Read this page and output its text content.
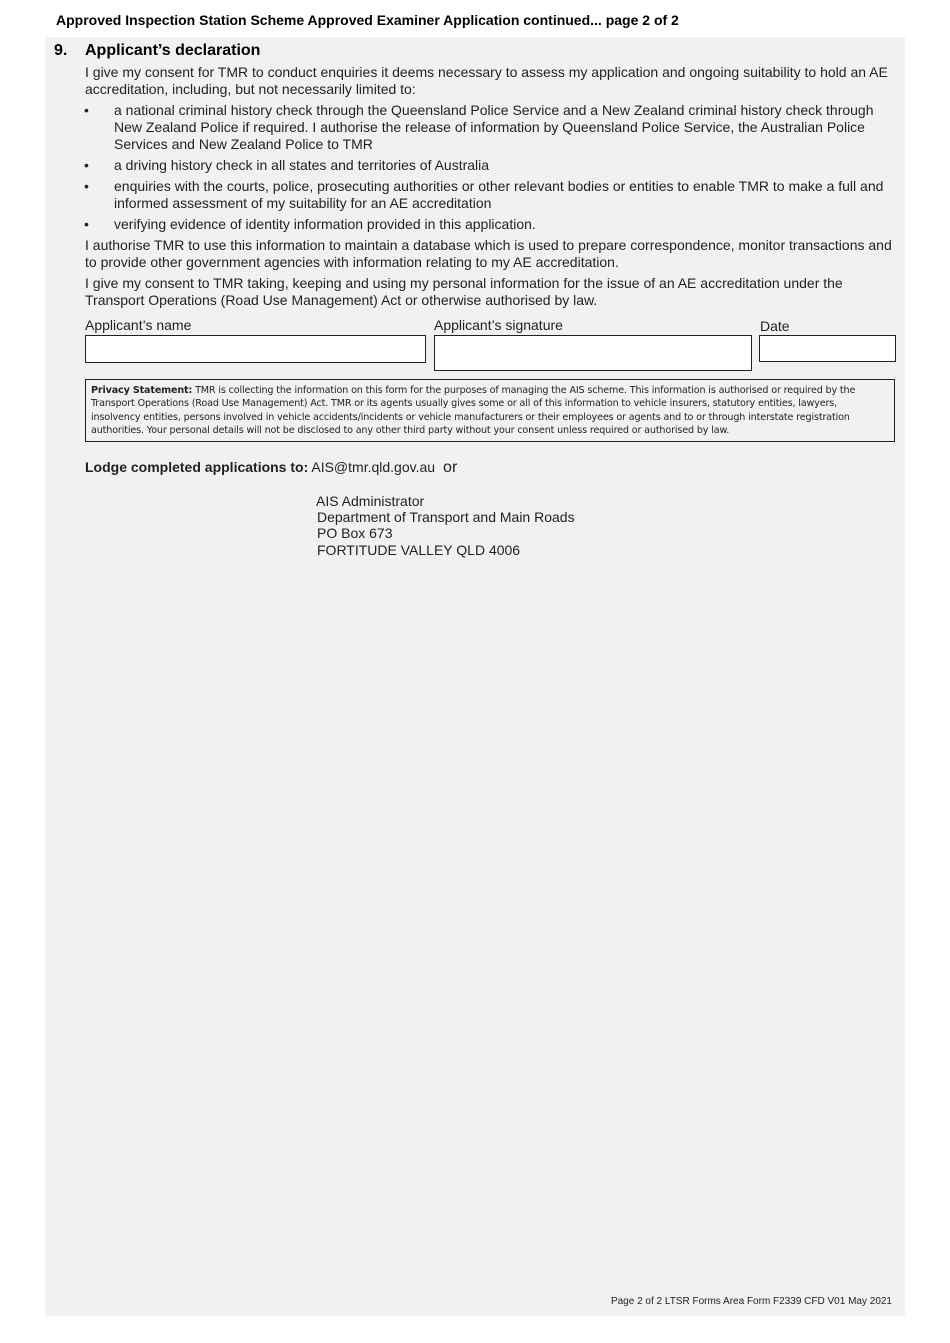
Approved Inspection Station Scheme Approved Examiner Application continued... page 2 of 2
9. Applicant’s declaration
I give my consent for TMR to conduct enquiries it deems necessary to assess my application and ongoing suitability to hold an AE accreditation, including, but not necessarily limited to:
• a national criminal history check through the Queensland Police Service and a New Zealand criminal history check through New Zealand Police if required. I authorise the release of information by Queensland Police Service, the Australian Police Services and New Zealand Police to TMR
• a driving history check in all states and territories of Australia
• enquiries with the courts, police, prosecuting authorities or other relevant bodies or entities to enable TMR to make a full and informed assessment of my suitability for an AE accreditation
• verifying evidence of identity information provided in this application.
I authorise TMR to use this information to maintain a database which is used to prepare correspondence, monitor transactions and to provide other government agencies with information relating to my AE accreditation.
I give my consent to TMR taking, keeping and using my personal information for the issue of an AE accreditation under the Transport Operations (Road Use Management) Act or otherwise authorised by law.
Applicant’s name	Applicant’s signature	Date
Privacy Statement: TMR is collecting the information on this form for the purposes of managing the AIS scheme. This information is authorised or required by the Transport Operations (Road Use Management) Act. TMR or its agents usually gives some or all of this information to vehicle insurers, statutory entities, lawyers, insolvency entities, persons involved in vehicle accidents/incidents or vehicle manufacturers or their employees or agents and to or through interstate registration authorities. Your personal details will not be disclosed to any other third party without your consent unless required or authorised by law.
Lodge completed applications to: AIS@tmr.qld.gov.au or
AIS Administrator
Department of Transport and Main Roads
PO Box 673
FORTITUDE VALLEY QLD 4006
Page 2 of 2 LTSR Forms Area Form F2339 CFD V01 May 2021
